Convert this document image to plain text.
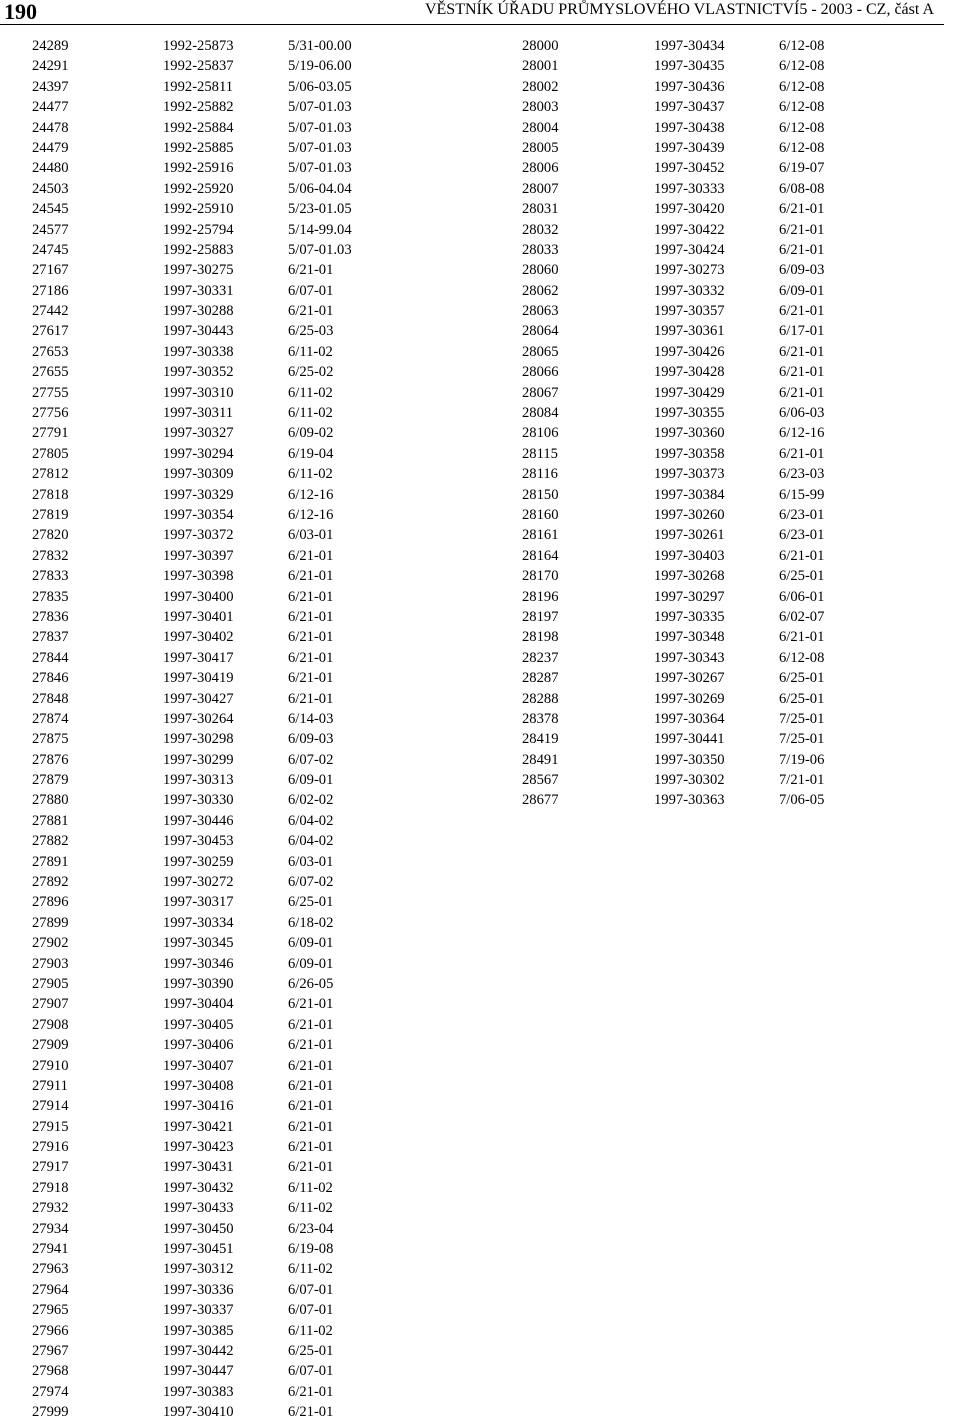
190	VĚSTNÍK ÚŘADU PRŮMYSLOVÉHO VLASTNICTVÍ5 - 2003 - CZ, část A
24289	1992-25873	5/31-00.00
24291	1992-25837	5/19-06.00
24397	1992-25811	5/06-03.05
24477	1992-25882	5/07-01.03
24478	1992-25884	5/07-01.03
24479	1992-25885	5/07-01.03
24480	1992-25916	5/07-01.03
24503	1992-25920	5/06-04.04
24545	1992-25910	5/23-01.05
24577	1992-25794	5/14-99.04
24745	1992-25883	5/07-01.03
27167	1997-30275	6/21-01
27186	1997-30331	6/07-01
27442	1997-30288	6/21-01
27617	1997-30443	6/25-03
27653	1997-30338	6/11-02
27655	1997-30352	6/25-02
27755	1997-30310	6/11-02
27756	1997-30311	6/11-02
27791	1997-30327	6/09-02
27805	1997-30294	6/19-04
27812	1997-30309	6/11-02
27818	1997-30329	6/12-16
27819	1997-30354	6/12-16
27820	1997-30372	6/03-01
27832	1997-30397	6/21-01
27833	1997-30398	6/21-01
27835	1997-30400	6/21-01
27836	1997-30401	6/21-01
27837	1997-30402	6/21-01
27844	1997-30417	6/21-01
27846	1997-30419	6/21-01
27848	1997-30427	6/21-01
27874	1997-30264	6/14-03
27875	1997-30298	6/09-03
27876	1997-30299	6/07-02
27879	1997-30313	6/09-01
27880	1997-30330	6/02-02
27881	1997-30446	6/04-02
27882	1997-30453	6/04-02
27891	1997-30259	6/03-01
27892	1997-30272	6/07-02
27896	1997-30317	6/25-01
27899	1997-30334	6/18-02
27902	1997-30345	6/09-01
27903	1997-30346	6/09-01
27905	1997-30390	6/26-05
27907	1997-30404	6/21-01
27908	1997-30405	6/21-01
27909	1997-30406	6/21-01
27910	1997-30407	6/21-01
27911	1997-30408	6/21-01
27914	1997-30416	6/21-01
27915	1997-30421	6/21-01
27916	1997-30423	6/21-01
27917	1997-30431	6/21-01
27918	1997-30432	6/11-02
27932	1997-30433	6/11-02
27934	1997-30450	6/23-04
27941	1997-30451	6/19-08
27963	1997-30312	6/11-02
27964	1997-30336	6/07-01
27965	1997-30337	6/07-01
27966	1997-30385	6/11-02
27967	1997-30442	6/25-01
27968	1997-30447	6/07-01
27974	1997-30383	6/21-01
27999	1997-30410	6/21-01
28000	1997-30434	6/12-08
28001	1997-30435	6/12-08
28002	1997-30436	6/12-08
28003	1997-30437	6/12-08
28004	1997-30438	6/12-08
28005	1997-30439	6/12-08
28006	1997-30452	6/19-07
28007	1997-30333	6/08-08
28031	1997-30420	6/21-01
28032	1997-30422	6/21-01
28033	1997-30424	6/21-01
28060	1997-30273	6/09-03
28062	1997-30332	6/09-01
28063	1997-30357	6/21-01
28064	1997-30361	6/17-01
28065	1997-30426	6/21-01
28066	1997-30428	6/21-01
28067	1997-30429	6/21-01
28084	1997-30355	6/06-03
28106	1997-30360	6/12-16
28115	1997-30358	6/21-01
28116	1997-30373	6/23-03
28150	1997-30384	6/15-99
28160	1997-30260	6/23-01
28161	1997-30261	6/23-01
28164	1997-30403	6/21-01
28170	1997-30268	6/25-01
28196	1997-30297	6/06-01
28197	1997-30335	6/02-07
28198	1997-30348	6/21-01
28237	1997-30343	6/12-08
28287	1997-30267	6/25-01
28288	1997-30269	6/25-01
28378	1997-30364	7/25-01
28419	1997-30441	7/25-01
28491	1997-30350	7/19-06
28567	1997-30302	7/21-01
28677	1997-30363	7/06-05
